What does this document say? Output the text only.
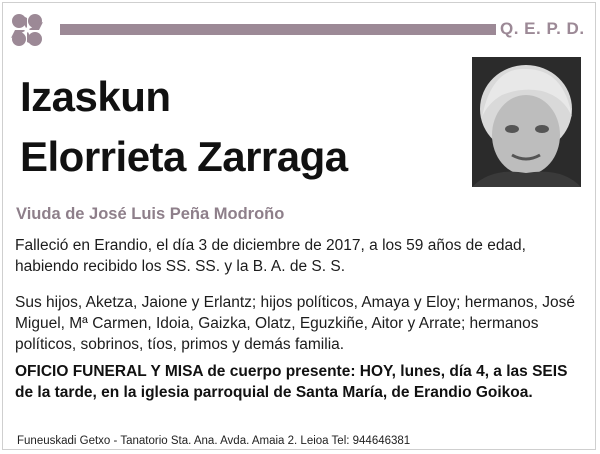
Q. E. P. D.
Izaskun
Elorrieta Zarraga
Viuda de José Luis Peña Modroño
Falleció en Erandio, el día 3 de diciembre de 2017, a los 59 años de edad, habiendo recibido los SS. SS. y la B. A. de S. S.
Sus hijos, Aketza, Jaione y Erlantz; hijos políticos, Amaya y Eloy; hermanos, José Miguel, Mª Carmen, Idoia, Gaizka, Olatz, Eguzkiñe, Aitor y Arrate; hermanos políticos, sobrinos, tíos, primos y demás familia.
OFICIO FUNERAL Y MISA de cuerpo presente: HOY, lunes, día 4, a las SEIS de la tarde, en la iglesia parroquial de Santa María, de Erandio Goikoa.
Funeuskadi Getxo - Tanatorio Sta. Ana. Avda. Amaia 2. Leioa Tel: 944646381
